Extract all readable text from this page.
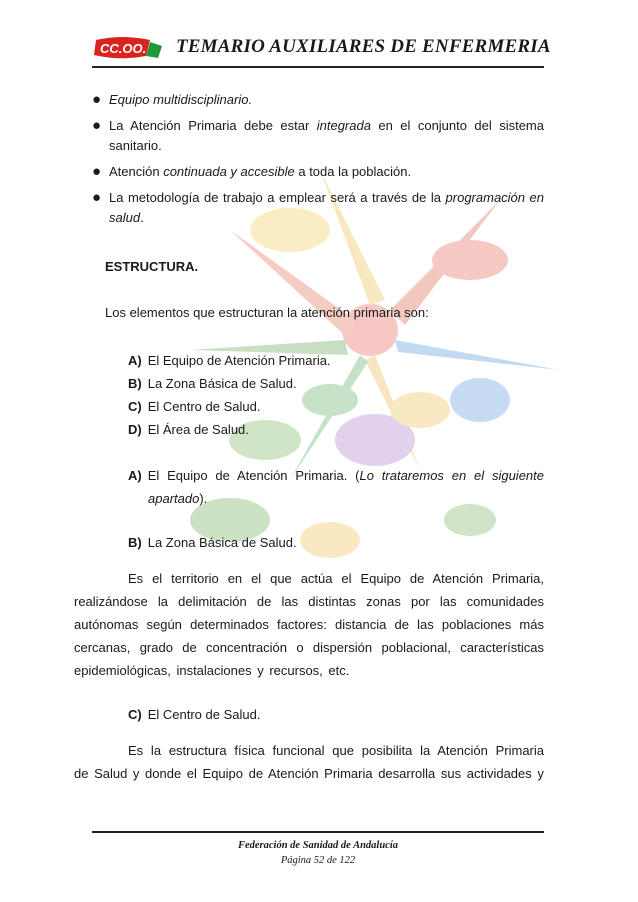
CC.OO. TEMARIO AUXILIARES DE ENFERMERIA
● Equipo multidisciplinario.
● La Atención Primaria debe estar integrada en el conjunto del sistema sanitario.
● Atención continuada y accesible a toda la población.
● La metodología de trabajo a emplear será a través de la programación en salud.
ESTRUCTURA.
Los elementos que estructuran la atención primaria son:
A) El Equipo de Atención Primaria.
B) La Zona Básica de Salud.
C) El Centro de Salud.
D) El Área de Salud.
A) El Equipo de Atención Primaria. (Lo trataremos en el siguiente apartado).
B) La Zona Básica de Salud.
Es el territorio en el que actúa el Equipo de Atención Primaria, realizándose la delimitación de las distintas zonas por las comunidades autónomas según determinados factores: distancia de las poblaciones más cercanas, grado de concentración o dispersión poblacional, características epidemiológicas, instalaciones y recursos, etc.
C) El Centro de Salud.
Es la estructura física funcional que posibilita la Atención Primaria de Salud y donde el Equipo de Atención Primaria desarrolla sus actividades y
Federación de Sanidad de Andalucía
Página 52 de 122
